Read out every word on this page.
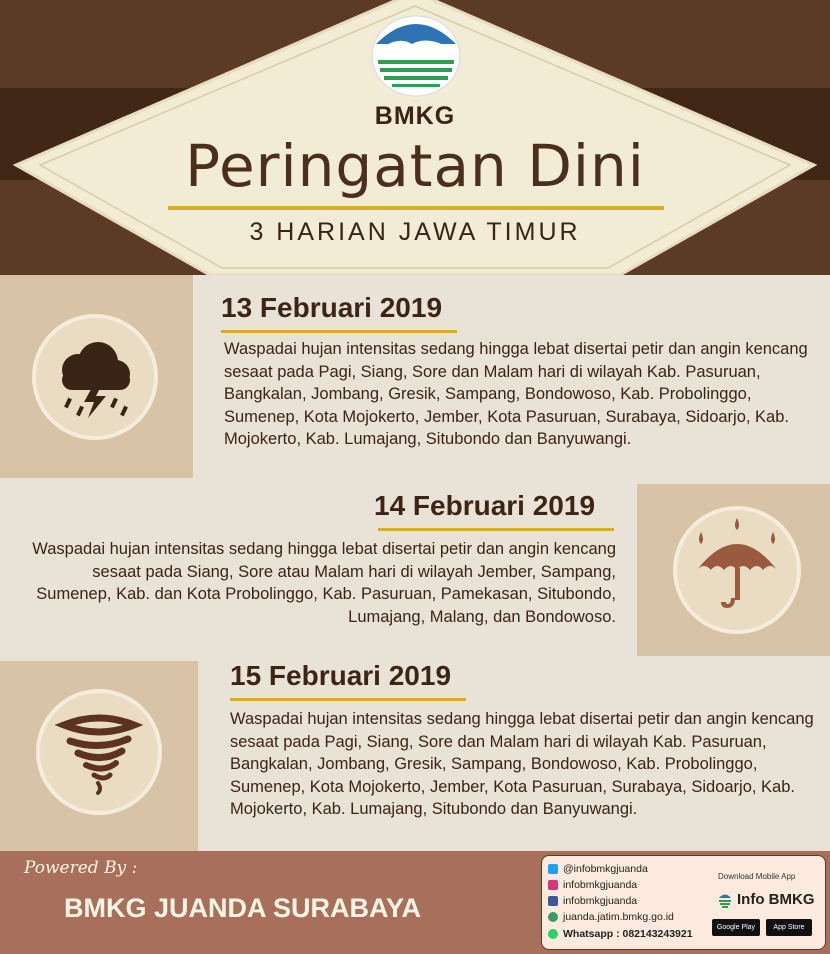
BMKG
Peringatan Dini
3 HARIAN JAWA TIMUR
13 Februari 2019
Waspadai hujan intensitas sedang hingga lebat disertai petir dan angin kencang sesaat pada Pagi, Siang, Sore dan Malam hari di wilayah Kab. Pasuruan, Bangkalan, Jombang, Gresik, Sampang, Bondowoso, Kab. Probolinggo, Sumenep, Kota Mojokerto, Jember, Kota Pasuruan, Surabaya, Sidoarjo, Kab. Mojokerto, Kab. Lumajang, Situbondo dan Banyuwangi.
14 Februari 2019
Waspadai hujan intensitas sedang hingga lebat disertai petir dan angin kencang sesaat pada Siang, Sore atau Malam hari di wilayah Jember, Sampang, Sumenep, Kab. dan Kota Probolinggo, Kab. Pasuruan, Pamekasan, Situbondo, Lumajang, Malang, dan Bondowoso.
15 Februari 2019
Waspadai hujan intensitas sedang hingga lebat disertai petir dan angin kencang sesaat pada Pagi, Siang, Sore dan Malam hari di wilayah Kab. Pasuruan, Bangkalan, Jombang, Gresik, Sampang, Bondowoso, Kab. Probolinggo, Sumenep, Kota Mojokerto, Jember, Kota Pasuruan, Surabaya, Sidoarjo, Kab. Mojokerto, Kab. Lumajang, Situbondo dan Banyuwangi.
Powered By :
BMKG JUANDA SURABAYA
@infobmkgjuanda
infobmkgjuanda
infobmkgjuanda
juanda.jatim.bmkg.go.id
Whatsapp : 082143243921
Download Mobile App
Info BMKG
Google Play	App Store
